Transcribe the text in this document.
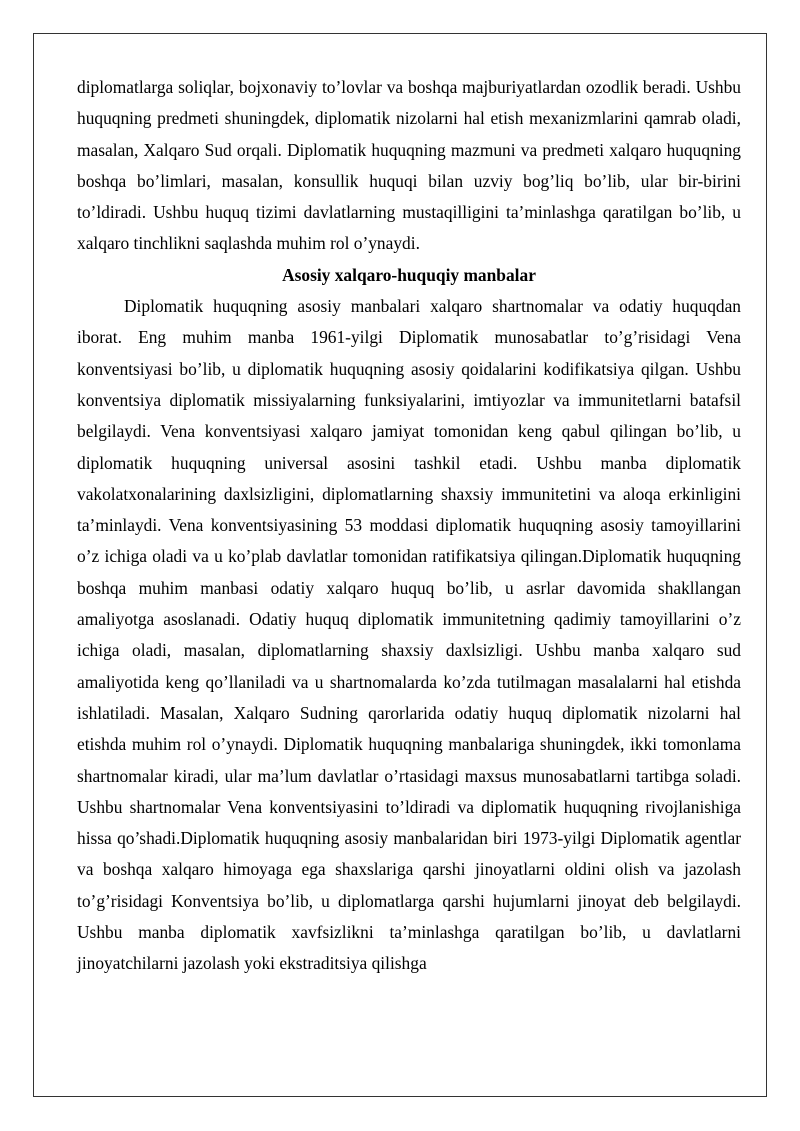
diplomatlarga soliqlar, bojxonaviy to’lovlar va boshqa majburiyatlardan ozodlik beradi. Ushbu huquqning predmeti shuningdek, diplomatik nizolarni hal etish mexanizmlarini qamrab oladi, masalan, Xalqaro Sud orqali. Diplomatik huquqning mazmuni va predmeti xalqaro huquqning boshqa bo’limlari, masalan, konsullik huquqi bilan uzviy bog’liq bo’lib, ular bir-birini to’ldiradi. Ushbu huquq tizimi davlatlarning mustaqilligini ta’minlashga qaratilgan bo’lib, u xalqaro tinchlikni saqlashda muhim rol o’ynaydi.

Asosiy xalqaro-huquqiy manbalar

Diplomatik huquqning asosiy manbalari xalqaro shartnomalar va odatiy huquqdan iborat. Eng muhim manba 1961-yilgi Diplomatik munosabatlar to’g’risidagi Vena konventsiyasi bo’lib, u diplomatik huquqning asosiy qoidalarini kodifikatsiya qilgan. Ushbu konventsiya diplomatik missiyalarning funksiyalarini, imtiyozlar va immunitetlarni batafsil belgilaydi. Vena konventsiyasi xalqaro jamiyat tomonidan keng qabul qilingan bo’lib, u diplomatik huquqning universal asosini tashkil etadi. Ushbu manba diplomatik vakolatxonalarining daxlsizligini, diplomatlarning shaxsiy immunitetini va aloqa erkinligini ta’minlaydi. Vena konventsiyasining 53 moddasi diplomatik huquqning asosiy tamoyillarini o’z ichiga oladi va u ko’plab davlatlar tomonidan ratifikatsiya qilingan.Diplomatik huquqning boshqa muhim manbasi odatiy xalqaro huquq bo’lib, u asrlar davomida shakllangan amaliyotga asoslanadi. Odatiy huquq diplomatik immunitetning qadimiy tamoyillarini o’z ichiga oladi, masalan, diplomatlarning shaxsiy daxlsizligi. Ushbu manba xalqaro sud amaliyotida keng qo’llaniladi va u shartnomalarda ko’zda tutilmagan masalalarni hal etishda ishlatiladi. Masalan, Xalqaro Sudning qarorlarida odatiy huquq diplomatik nizolarni hal etishda muhim rol o’ynaydi. Diplomatik huquqning manbalariga shuningdek, ikki tomonlama shartnomalar kiradi, ular ma’lum davlatlar o’rtasidagi maxsus munosabatlarni tartibga soladi. Ushbu shartnomalar Vena konventsiyasini to’ldiradi va diplomatik huquqning rivojlanishiga hissa qo’shadi.Diplomatik huquqning asosiy manbalaridan biri 1973-yilgi Diplomatik agentlar va boshqa xalqaro himoyaga ega shaxslariga qarshi jinoyatlarni oldini olish va jazolash to’g’risidagi Konventsiya bo’lib, u diplomatlarga qarshi hujumlarni jinoyat deb belgilaydi. Ushbu manba diplomatik xavfsizlikni ta’minlashga qaratilgan bo’lib, u davlatlarni jinoyatchilarni jazolash yoki ekstraditsiya qilishga
